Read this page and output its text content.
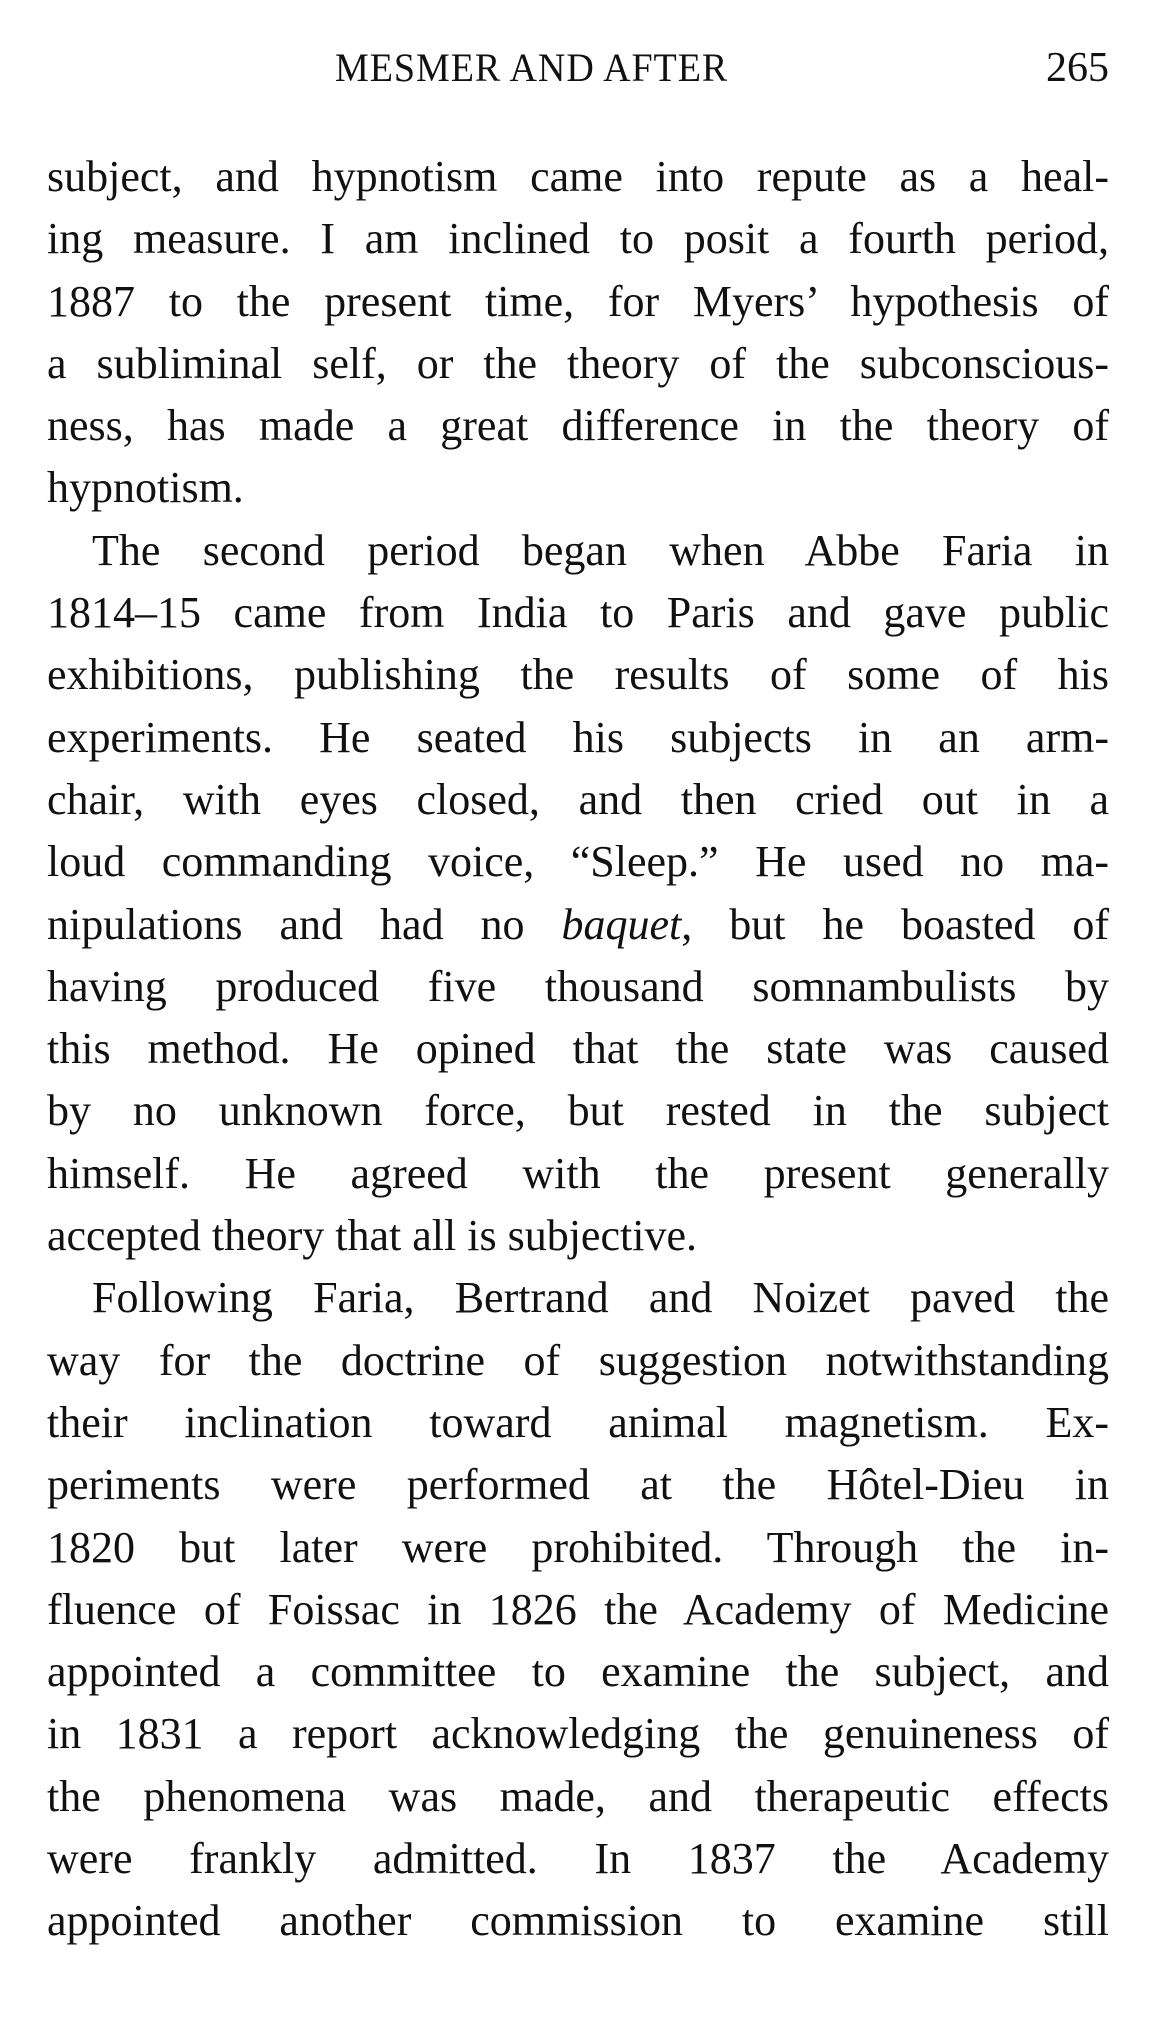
MESMER AND AFTER	265
subject, and hypnotism came into repute as a heal-
ing measure. I am inclined to posit a fourth period,
1887 to the present time, for Myers’ hypothesis of
a subliminal self, or the theory of the subconscious-
ness, has made a great difference in the theory of
hypnotism.
The second period began when Abbe Faria in
1814–15 came from India to Paris and gave public
exhibitions, publishing the results of some of his
experiments. He seated his subjects in an arm-
chair, with eyes closed, and then cried out in a
loud commanding voice, “Sleep.” He used no ma-
nipulations and had no baquet, but he boasted of
having produced five thousand somnambulists by
this method. He opined that the state was caused
by no unknown force, but rested in the subject
himself. He agreed with the present generally
accepted theory that all is subjective.
Following Faria, Bertrand and Noizet paved the
way for the doctrine of suggestion notwithstanding
their inclination toward animal magnetism. Ex-
periments were performed at the Hôtel-Dieu in
1820 but later were prohibited. Through the in-
fluence of Foissac in 1826 the Academy of Medicine
appointed a committee to examine the subject, and
in 1831 a report acknowledging the genuineness of
the phenomena was made, and therapeutic effects
were frankly admitted. In 1837 the Academy
appointed another commission to examine still
